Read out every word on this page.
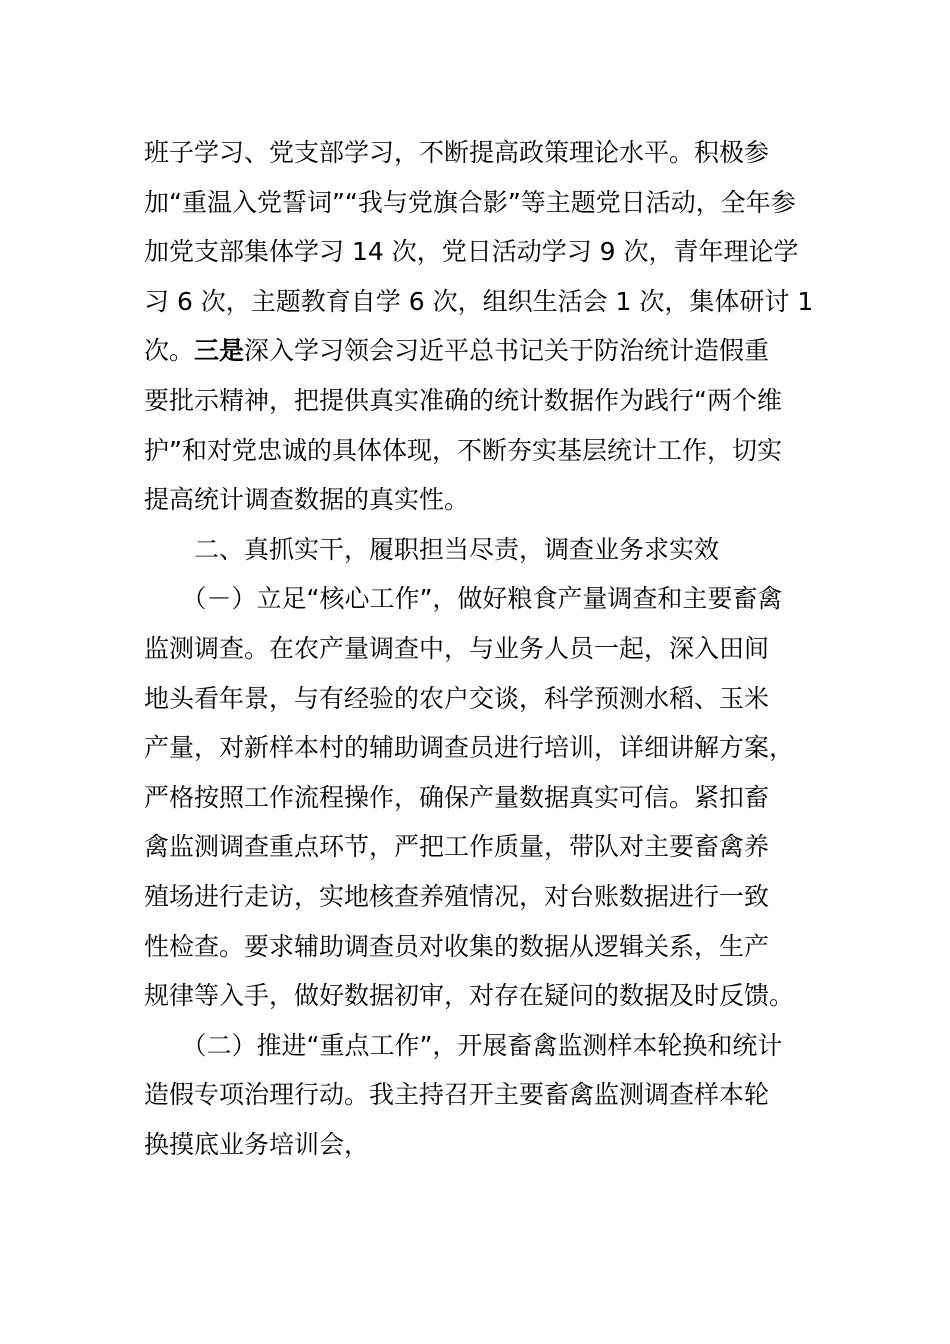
班子学习、党支部学习，不断提高政策理论水平。积极参
加“重温入党誓词”“我与党旗合影”等主题党日活动，全年参
加党支部集体学习 14 次，党日活动学习 9 次，青年理论学
习 6 次，主题教育自学 6 次，组织生活会 1 次，集体研讨 1
次。三是深入学习领会习近平总书记关于防治统计造假重
要批示精神，把提供真实准确的统计数据作为践行“两个维
护”和对党忠诚的具体体现，不断夯实基层统计工作，切实
提高统计调查数据的真实性。
　　二、真抓实干，履职担当尽责，调查业务求实效
　　（－）立足“核心工作”，做好粮食产量调查和主要畜禽
监测调查。在农产量调查中，与业务人员一起，深入田间
地头看年景，与有经验的农户交谈，科学预测水稻、玉米
产量，对新样本村的辅助调查员进行培训，详细讲解方案，
严格按照工作流程操作，确保产量数据真实可信。紧扣畜
禽监测调查重点环节，严把工作质量，带队对主要畜禽养
殖场进行走访，实地核查养殖情况，对台账数据进行一致
性检查。要求辅助调查员对收集的数据从逻辑关系，生产
规律等入手，做好数据初审，对存在疑问的数据及时反馈。
　　（二）推进“重点工作”，开展畜禽监测样本轮换和统计
造假专项治理行动。我主持召开主要畜禽监测调查样本轮
换摸底业务培训会，
